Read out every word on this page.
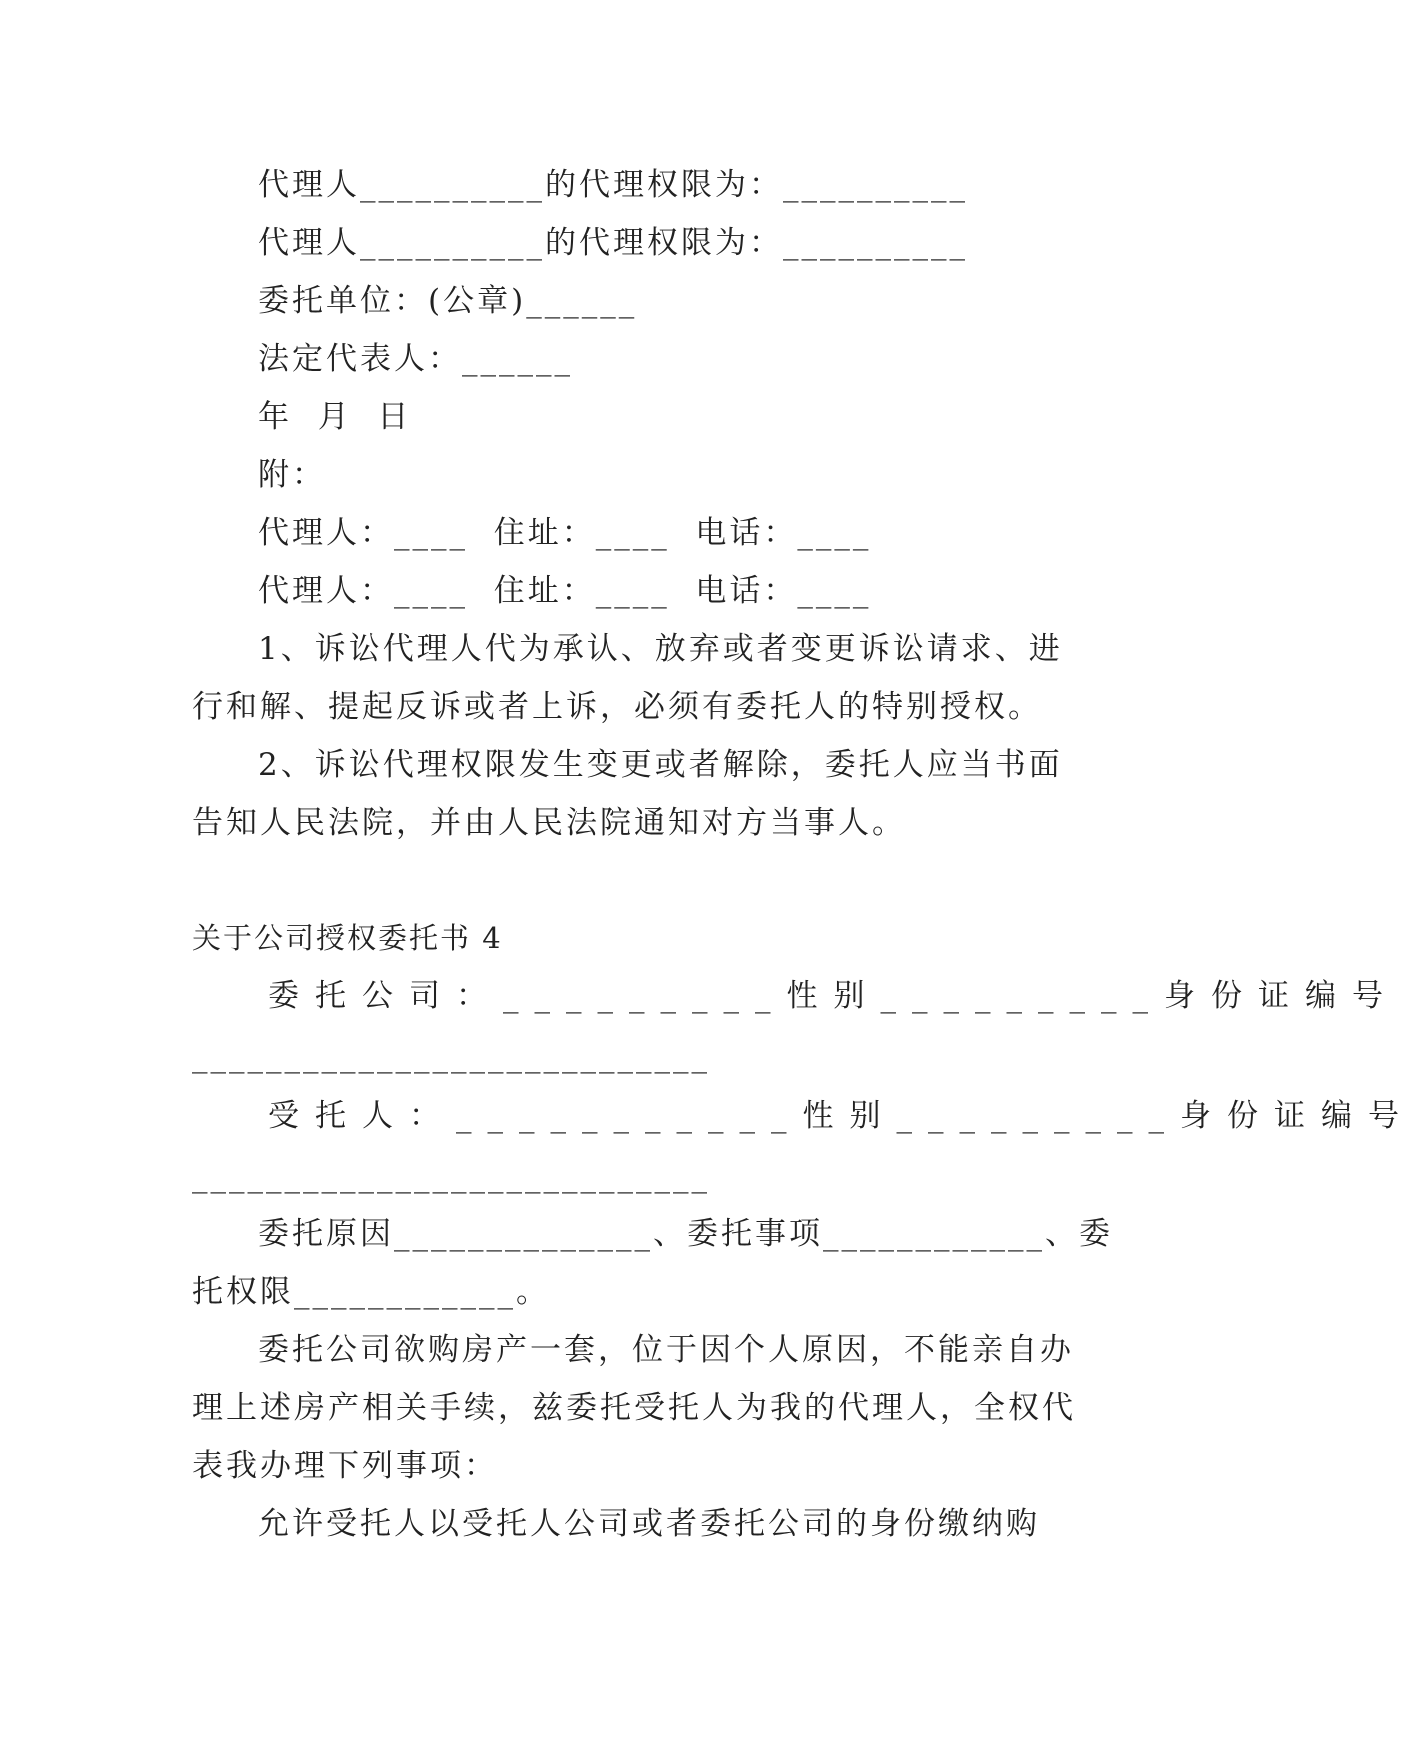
代理人__________的代理权限为：__________

代理人__________的代理权限为：__________

委托单位：(公章)______

法定代表人：______

年  月  日

附：

代理人：____  住址：____  电话：____

代理人：____  住址：____  电话：____

1、诉讼代理人代为承认、放弃或者变更诉讼请求、进

行和解、提起反诉或者上诉，必须有委托人的特别授权。

2、诉讼代理权限发生变更或者解除，委托人应当书面

告知人民法院，并由人民法院通知对方当事人。

关于公司授权委托书 4

委托公司：_________性别_________身份证编号

____________________________

受托人：___________性别_________身份证编号

____________________________

委托原因______________、委托事项____________、委

托权限____________。

委托公司欲购房产一套，位于因个人原因，不能亲自办

理上述房产相关手续，兹委托受托人为我的代理人，全权代

表我办理下列事项：

允许受托人以受托人公司或者委托公司的身份缴纳购
